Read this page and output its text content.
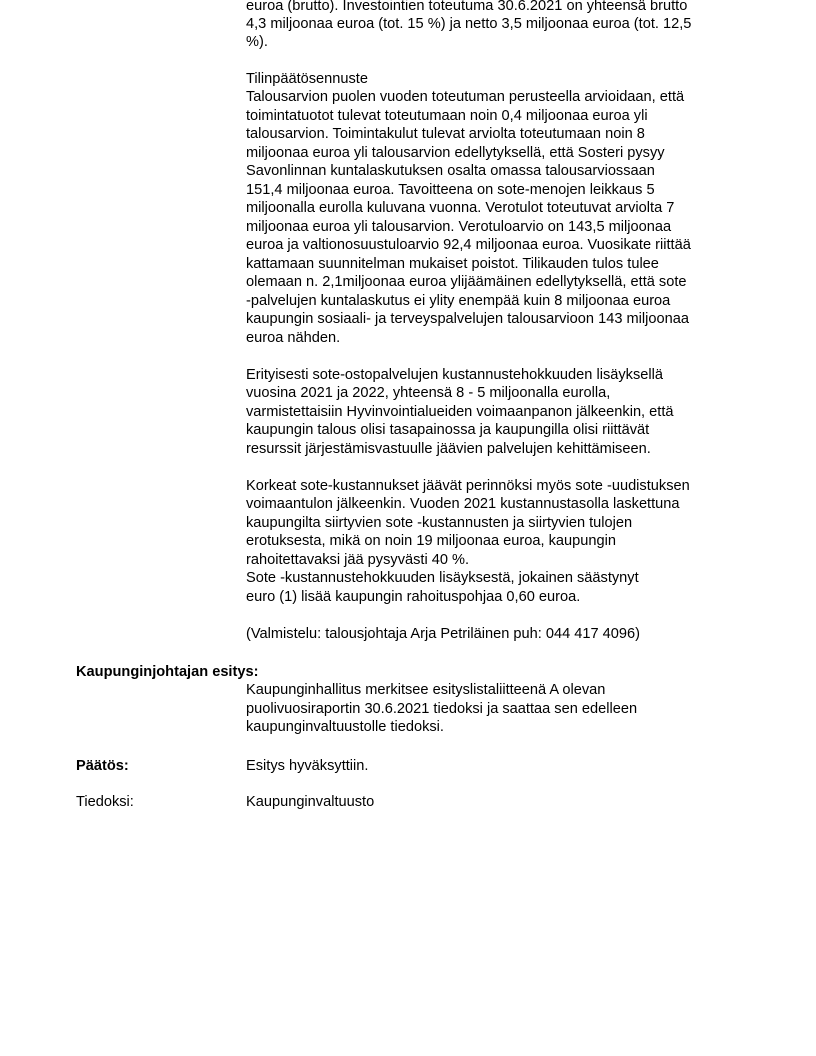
euroa (brutto). Investointien toteutuma 30.6.2021 on yhteensä brutto
4,3 miljoonaa euroa (tot. 15 %) ja netto 3,5 miljoonaa euroa (tot. 12,5
%).
Tilinpäätösennuste
Talousarvion puolen vuoden toteutuman perusteella arvioidaan, että
toimintatuotot tulevat toteutumaan noin 0,4 miljoonaa euroa yli
talousarvion. Toimintakulut tulevat arviolta toteutumaan noin 8
miljoonaa euroa yli talousarvion edellytyksellä, että Sosteri pysyy
Savonlinnan kuntalaskutuksen osalta omassa talousarviossaan
151,4 miljoonaa euroa. Tavoitteena on sote-menojen leikkaus 5
miljoonalla eurolla kuluvana vuonna. Verotulot toteutuvat arviolta 7
miljoonaa euroa yli talousarvion. Verotuloarvio on 143,5 miljoonaa
euroa ja valtionosuustuloarvio 92,4 miljoonaa euroa. Vuosikate riittää
kattamaan suunnitelman mukaiset poistot. Tilikauden tulos tulee
olemaan n. 2,1miljoonaa euroa ylijäämäinen edellytyksellä, että sote
-palvelujen kuntalaskutus ei ylity enempää kuin 8 miljoonaa euroa
kaupungin sosiaali- ja terveyspalvelujen talousarvioon 143 miljoonaa
euroa nähden.
Erityisesti sote-ostopalvelujen kustannustehokkuuden lisäyksellä
vuosina 2021 ja 2022, yhteensä 8 - 5 miljoonalla eurolla,
varmistettaisiin Hyvinvointialueiden voimaanpanon jälkeenkin, että
kaupungin talous olisi tasapainossa ja kaupungilla olisi riittävät
resurssit järjestämisvastuulle jäävien palvelujen kehittämiseen.
Korkeat sote-kustannukset jäävät perinnöksi myös sote -uudistuksen
voimaantulon jälkeenkin. Vuoden 2021 kustannustasolla laskettuna
kaupungilta siirtyvien sote -kustannusten ja siirtyvien tulojen
erotuksesta, mikä on noin 19 miljoonaa euroa, kaupungin
rahoitettavaksi jää pysyvästi 40 %.
Sote -kustannustehokkuuden lisäyksestä, jokainen säästynyt
euro (1) lisää kaupungin rahoituspohjaa 0,60 euroa.
(Valmistelu: talousjohtaja Arja Petriläinen puh: 044 417 4096)
Kaupunginjohtajan esitys:
Kaupunginhallitus merkitsee esityslistaliitteenä A olevan
puolivuosiraportin 30.6.2021 tiedoksi ja saattaa sen edelleen
kaupunginvaltuustolle tiedoksi.
Päätös:	Esitys hyväksyttiin.
Tiedoksi:	Kaupunginvaltuusto
